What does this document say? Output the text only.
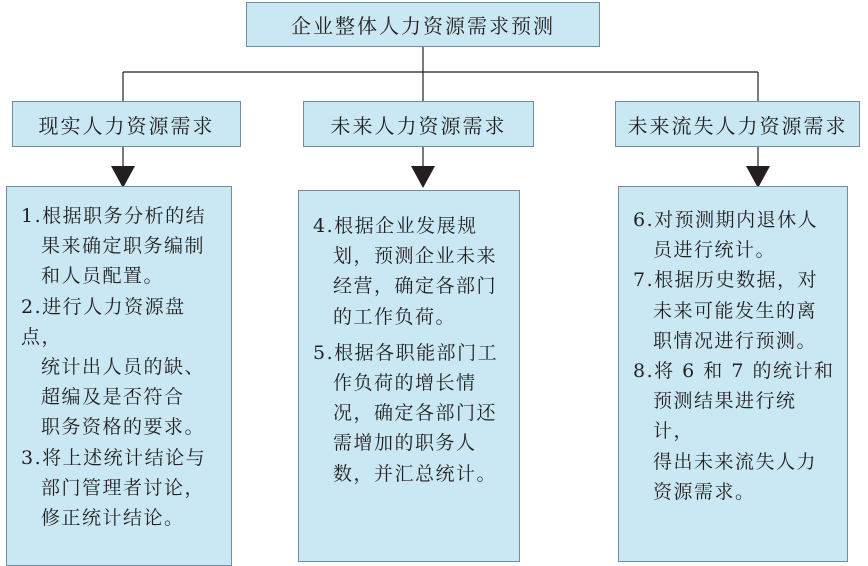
企业整体人力资源需求预测
现实人力资源需求	未来人力资源需求	未来流失人力资源需求

1.根据职务分析的结

果来确定职务编制

和人员配置。

2.进行人力资源盘点，

统计出人员的缺、

超编及是否符合

职务资格的要求。

3.将上述统计结论与

部门管理者讨论，

修正统计结论。

4.根据企业发展规

划，预测企业未来

经营，确定各部门

的工作负荷。

5.根据各职能部门工

作负荷的增长情

况，确定各部门还

需增加的职务人

数，并汇总统计。

6.对预测期内退休人

员进行统计。

7.根据历史数据，对

未来可能发生的离

职情况进行预测。

8.将 6 和 7 的统计和

预测结果进行统计，

得出未来流失人力

资源需求。
